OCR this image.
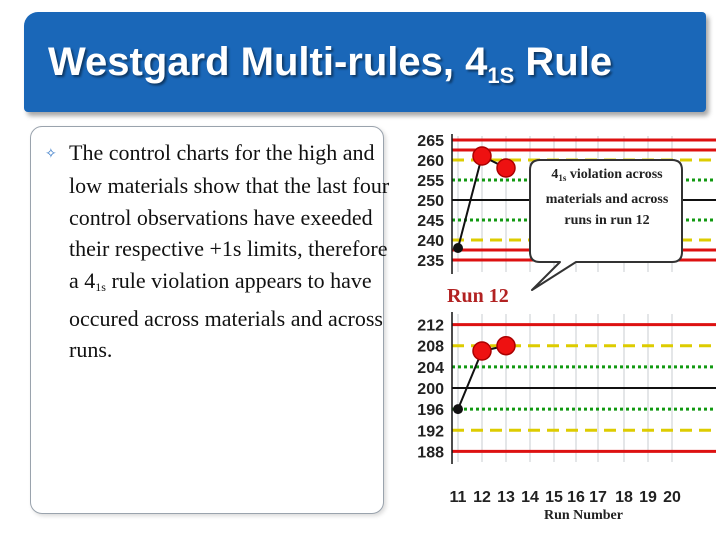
Westgard Multi-rules, $4_{1S}$ Rule

✧ The control charts for the high and low materials show that the last four control observations have exeeded their respective +1s limits, therefore a $4_{1s}$ rule violation appears to have occured across materials and across runs.

265
260
255
250
245
240
235
212
208
204
200
196
192
188
11 12 13 14 15 16 17 18 19 20
$4_{1s}$ violation across materials and across runs in run 12
Run 12
Run Number
